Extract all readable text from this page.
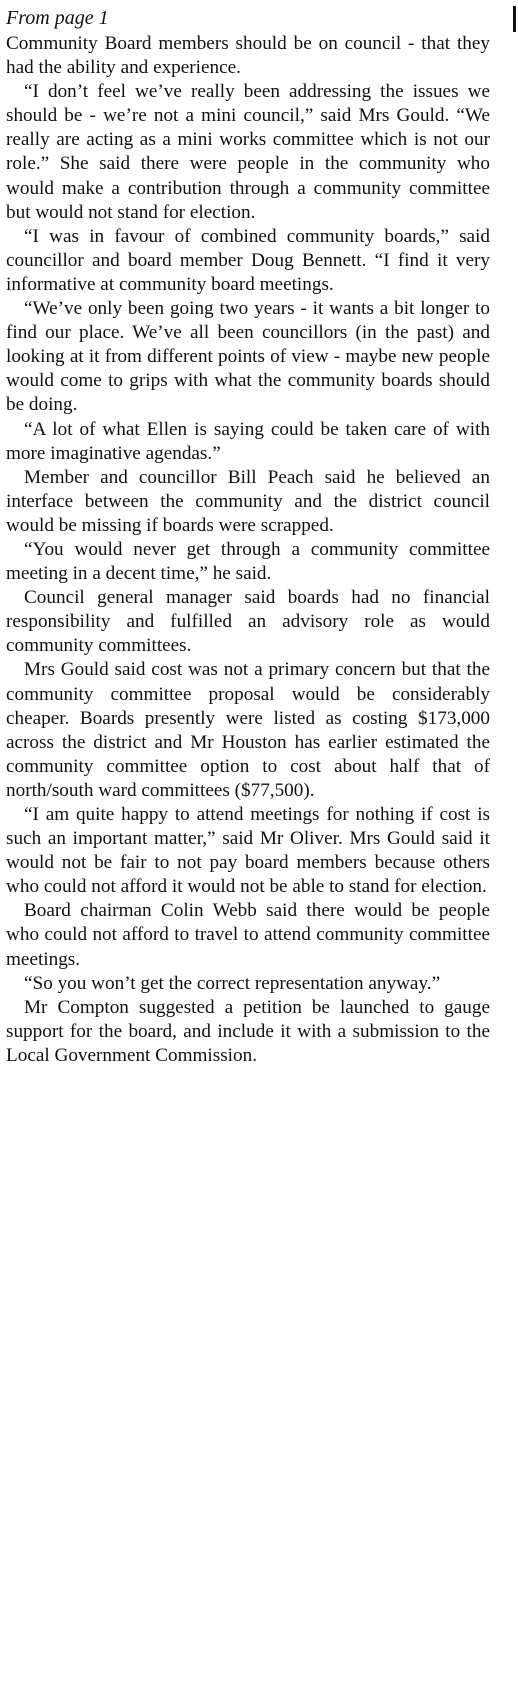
From page 1

Community Board members should be on council - that they had the ability and experience.

“I don’t feel we’ve really been addressing the issues we should be - we’re not a mini council,” said Mrs Gould. “We really are acting as a mini works committee which is not our role.” She said there were people in the community who would make a contribution through a community committee but would not stand for election.

“I was in favour of combined community boards,” said councillor and board member Doug Bennett. “I find it very informative at community board meetings.

“We’ve only been going two years - it wants a bit longer to find our place. We’ve all been councillors (in the past) and looking at it from different points of view - maybe new people would come to grips with what the community boards should be doing.

“A lot of what Ellen is saying could be taken care of with more imaginative agendas.”

Member and councillor Bill Peach said he believed an interface between the community and the district council would be missing if boards were scrapped.

“You would never get through a community committee meeting in a decent time,” he said.

Council general manager said boards had no financial responsibility and fulfilled an advisory role as would community committees.

Mrs Gould said cost was not a primary concern but that the community committee proposal would be considerably cheaper. Boards presently were listed as costing $173,000 across the district and Mr Houston has earlier estimated the community committee option to cost about half that of north/south ward committees ($77,500).

“I am quite happy to attend meetings for nothing if cost is such an important matter,” said Mr Oliver. Mrs Gould said it would not be fair to not pay board members because others who could not afford it would not be able to stand for election.

Board chairman Colin Webb said there would be people who could not afford to travel to attend community committee meetings.

“So you won’t get the correct representation anyway.”

Mr Compton suggested a petition be launched to gauge support for the board, and include it with a submission to the Local Government Commission.
